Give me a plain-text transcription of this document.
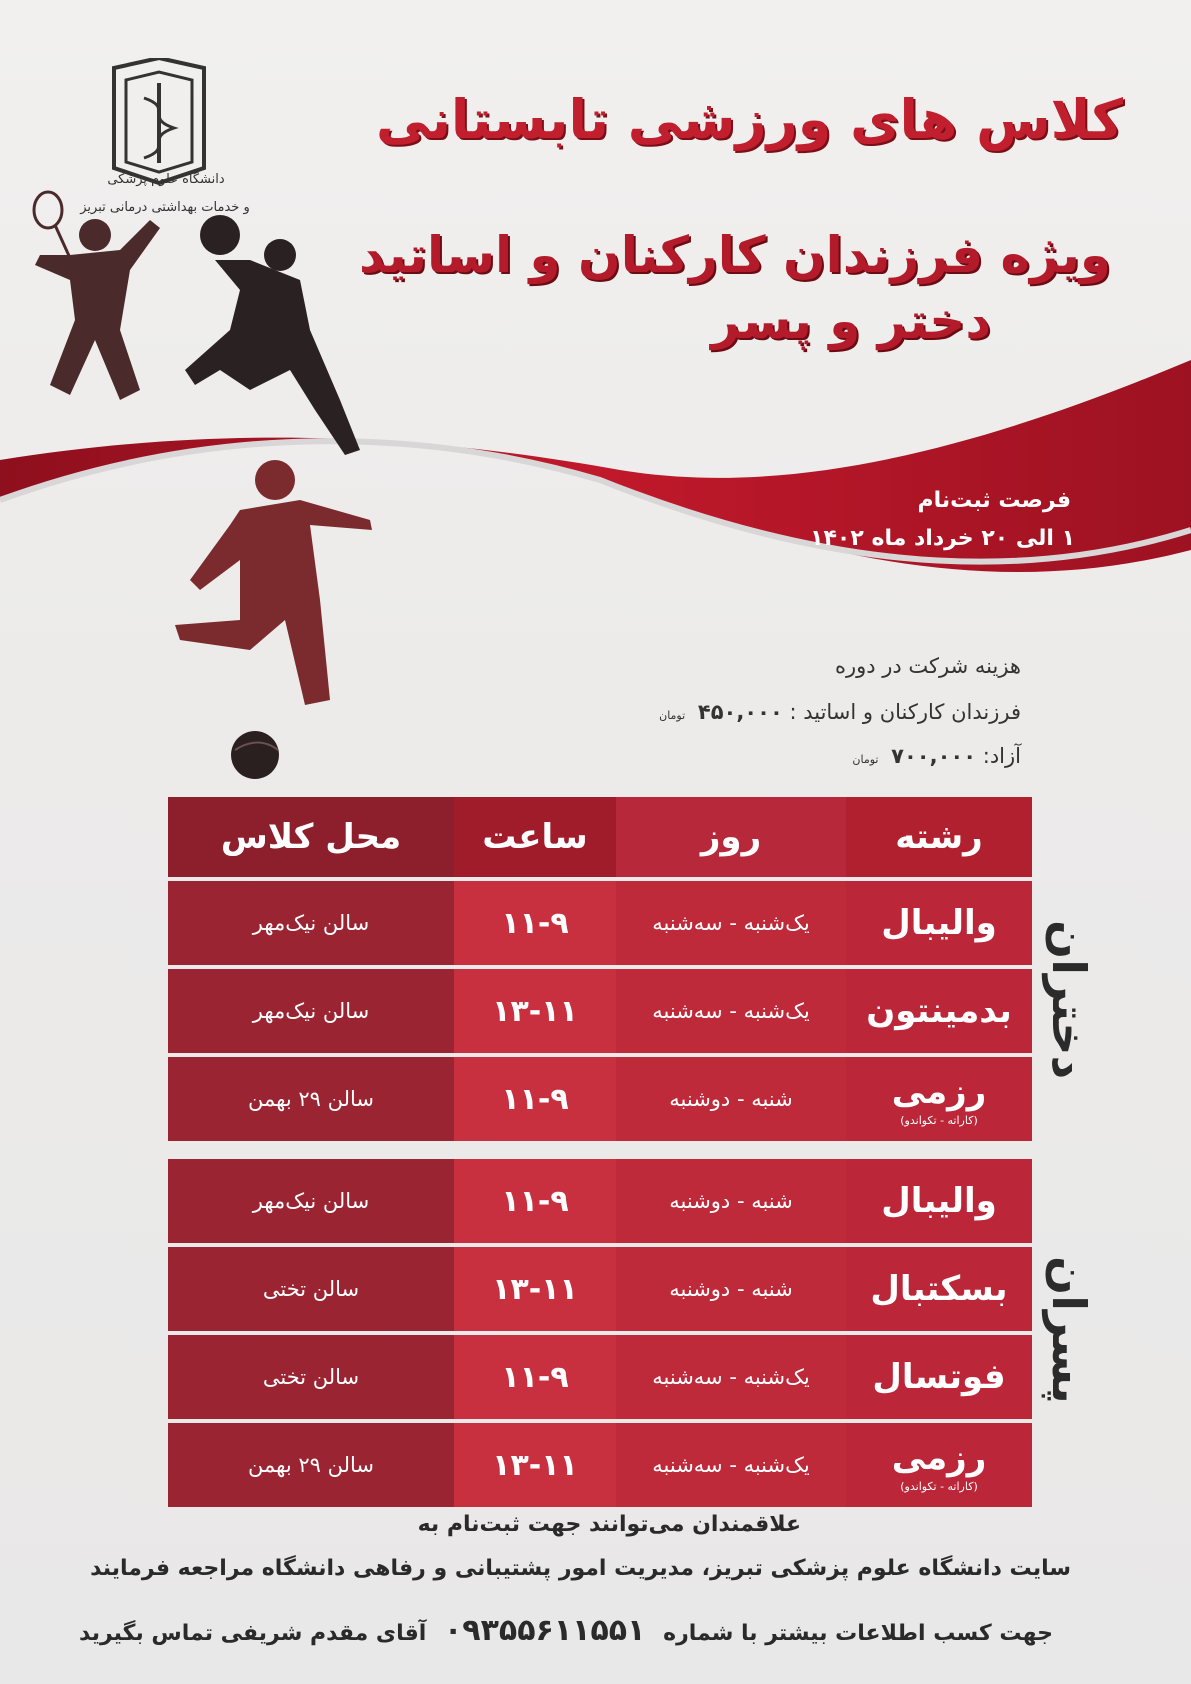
دانشگاه علوم پزشکی
و خدمات بهداشتی درمانی تبریز
کلاس های ورزشی تابستانی
ویژه فرزندان کارکنان و اساتید
دختر و پسر
فرصت ثبت‌نام
۱ الی ۲۰ خرداد ماه ۱۴۰۲
هزینه شرکت در دوره
فرزندان کارکنان و اساتید : ۴۵۰,۰۰۰ تومان
آزاد: ۷۰۰,۰۰۰ تومان
رشته
روز
ساعت
محل کلاس
والیبال
یک‌شنبه - سه‌شنبه
۱۱-۹
سالن نیک‌مهر
بدمینتون
یک‌شنبه - سه‌شنبه
۱۳-۱۱
سالن نیک‌مهر
رزمی
(کاراته - تکواندو)
شنبه - دوشنبه
۱۱-۹
سالن ۲۹ بهمن
والیبال
شنبه - دوشنبه
۱۱-۹
سالن نیک‌مهر
بسکتبال
شنبه - دوشنبه
۱۳-۱۱
سالن تختی
فوتسال
یک‌شنبه - سه‌شنبه
۱۱-۹
سالن تختی
رزمی
(کاراته - تکواندو)
یک‌شنبه - سه‌شنبه
۱۳-۱۱
سالن ۲۹ بهمن
دختران
پسران
علاقمندان می‌توانند جهت ثبت‌نام به
سایت دانشگاه علوم پزشکی تبریز، مدیریت امور پشتیبانی و رفاهی دانشگاه مراجعه فرمایند
جهت کسب اطلاعات بیشتر با شماره ۰۹۳۵۵۶۱۱۵۵۱ آقای مقدم شریفی تماس بگیرید
